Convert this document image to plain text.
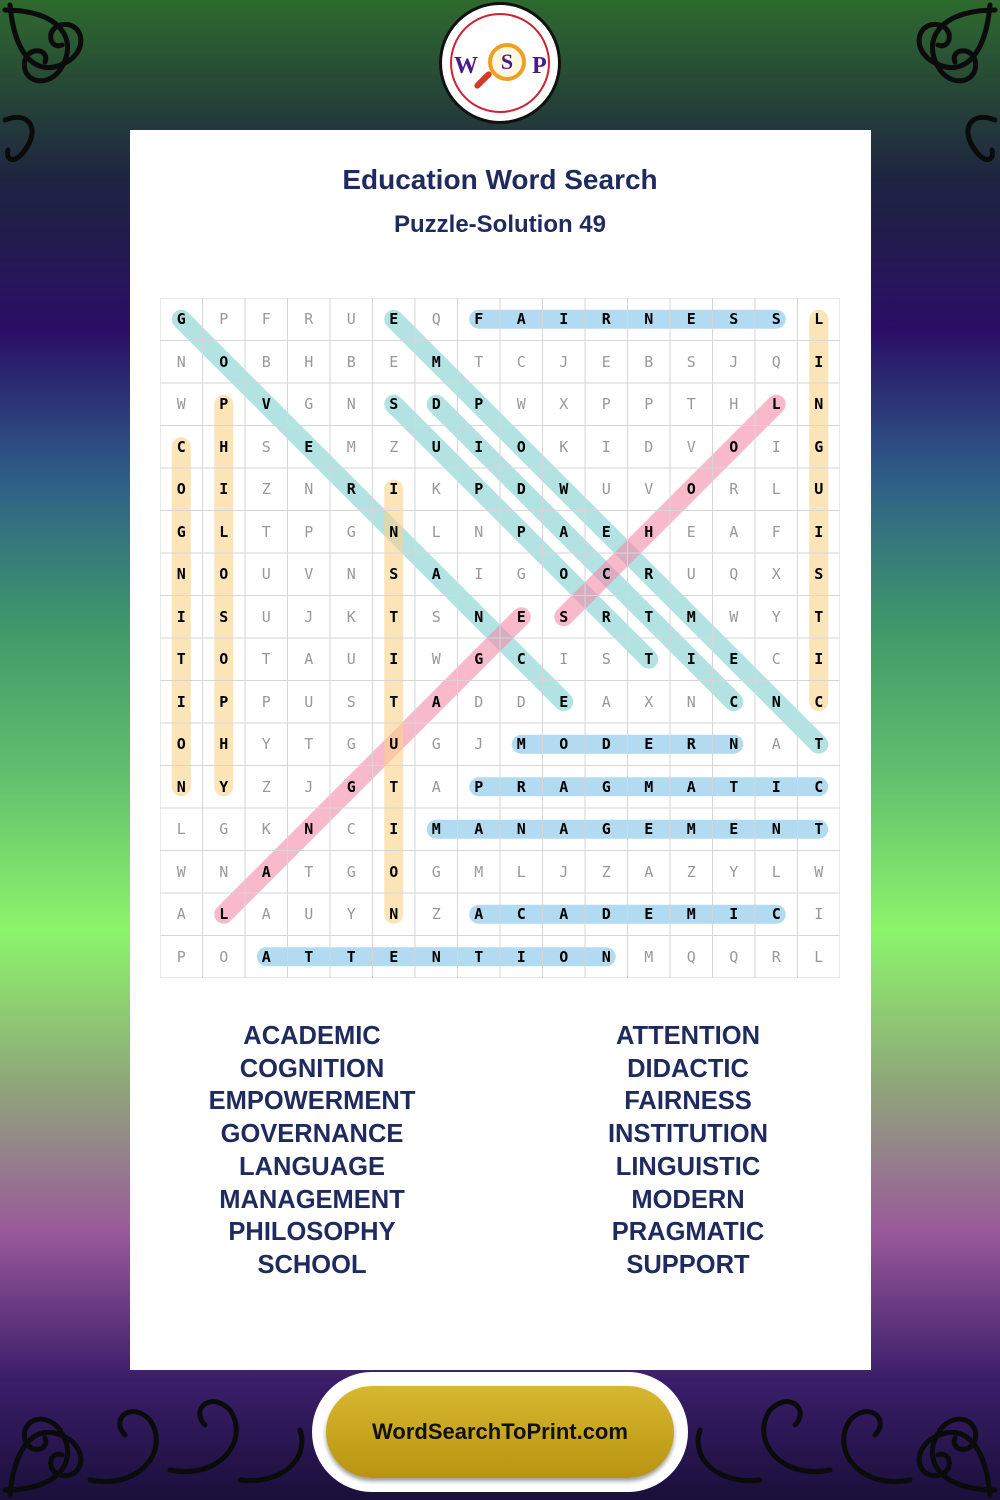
W	S P
Education Word Search
Puzzle-Solution 49
G	P	F	R	U	E	Q	F	A	I	R	N	E	S	S	L
N	O	B	H	B	E	M	T	C	J	E	B	S	J	Q	I
W	P	V	G	N	S	D	P	W	X	P	P	T	H	L	N
C	H	S	E	M	Z	U	I	O	K	I	D	V	O	I	G
O	I	Z	N	R	I	K	P	D	W	U	V	O	R	L	U
G	L	T	P	G	N	L	N	P	A	E	H	E	A	F	I
N	O	U	V	N	S	A	I	G	O	C	R	U	Q	X	S
I	S	U	J	K	T	S	N	E	S	R	T	M	W	Y	T
T	O	T	A	U	I	W	G	C	I	S	T	I	E	C	I
I	P	P	U	S	T	A	D	D	E	A	X	N	C	N	C
O	H	Y	T	G	U	G	J	M	O	D	E	R	N	A	T
N	Y	Z	J	G	T	A	P	R	A	G	M	A	T	I	C
L	G	K	N	C	I	M	A	N	A	G	E	M	E	N	T
W	N	A	T	G	O	G	M	L	J	Z	A	Z	Y	L	W
A	L	A	U	Y	N	Z	A	C	A	D	E	M	I	C	I
P	O	A	T	T	E	N	T	I	O	N	M	Q	Q	R	L
ACADEMIC
COGNITION
EMPOWERMENT
GOVERNANCE
LANGUAGE
MANAGEMENT
PHILOSOPHY
SCHOOL
ATTENTION
DIDACTIC
FAIRNESS
INSTITUTION
LINGUISTIC
MODERN
PRAGMATIC
SUPPORT
WordSearchToPrint.com
